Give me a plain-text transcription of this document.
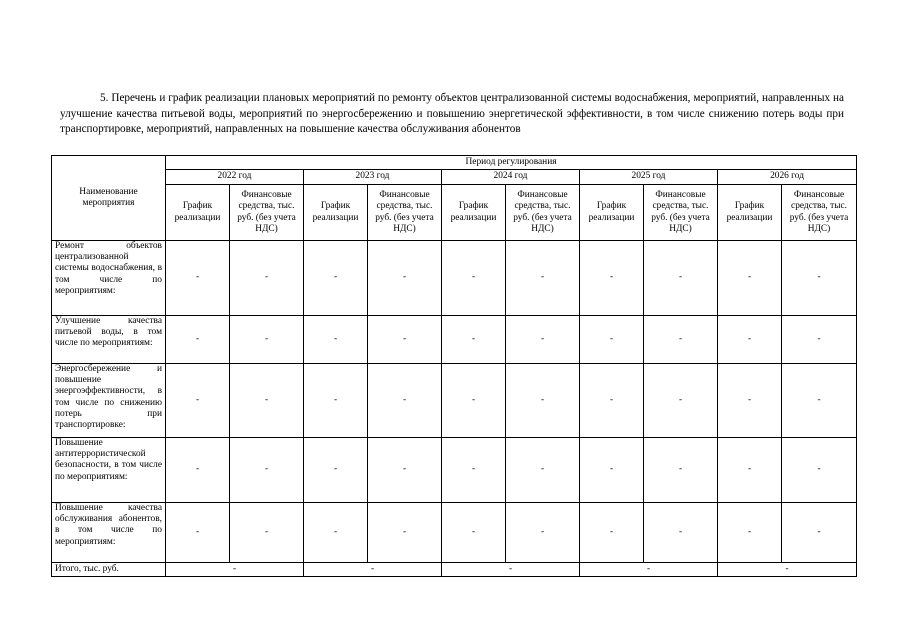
5. Перечень и график реализации плановых мероприятий по ремонту объектов централизованной системы водоснабжения, мероприятий, направленных на улучшение качества питьевой воды, мероприятий по энергосбережению и повышению энергетической эффективности, в том числе снижению потерь воды при транспортировке, мероприятий, направленных на повышение качества обслуживания абонентов

Наименование мероприятия	Период регулирования									
	2022 год		2023 год		2024 год		2025 год		2026 год	
	График реализации	Финансовые средства, тыс. руб. (без учета НДС)	График реализации	Финансовые средства, тыс. руб. (без учета НДС)	График реализации	Финансовые средства, тыс. руб. (без учета НДС)	График реализации	Финансовые средства, тыс. руб. (без учета НДС)	График реализации	Финансовые средства, тыс. руб. (без учета НДС)
Ремонт объектов централизованной системы водоснабжения, в том числе по мероприятиям:	-	-	-	-	-	-	-	-	-	-
Улучшение качества питьевой воды, в том числе по мероприятиям:	-	-	-	-	-	-	-	-	-	-
Энергосбережение и повышение энергоэффективности, в том числе по снижению потерь при транспортировке:	-	-	-	-	-	-	-	-	-	-
Повышение антитеррористической безопасности, в том числе по мероприятиям:	-	-	-	-	-	-	-	-	-	-
Повышение качества обслуживания абонентов, в том числе по мероприятиям:	-	-	-	-	-	-	-	-	-	-
Итого, тыс. руб.	-		-		-		-		-	
